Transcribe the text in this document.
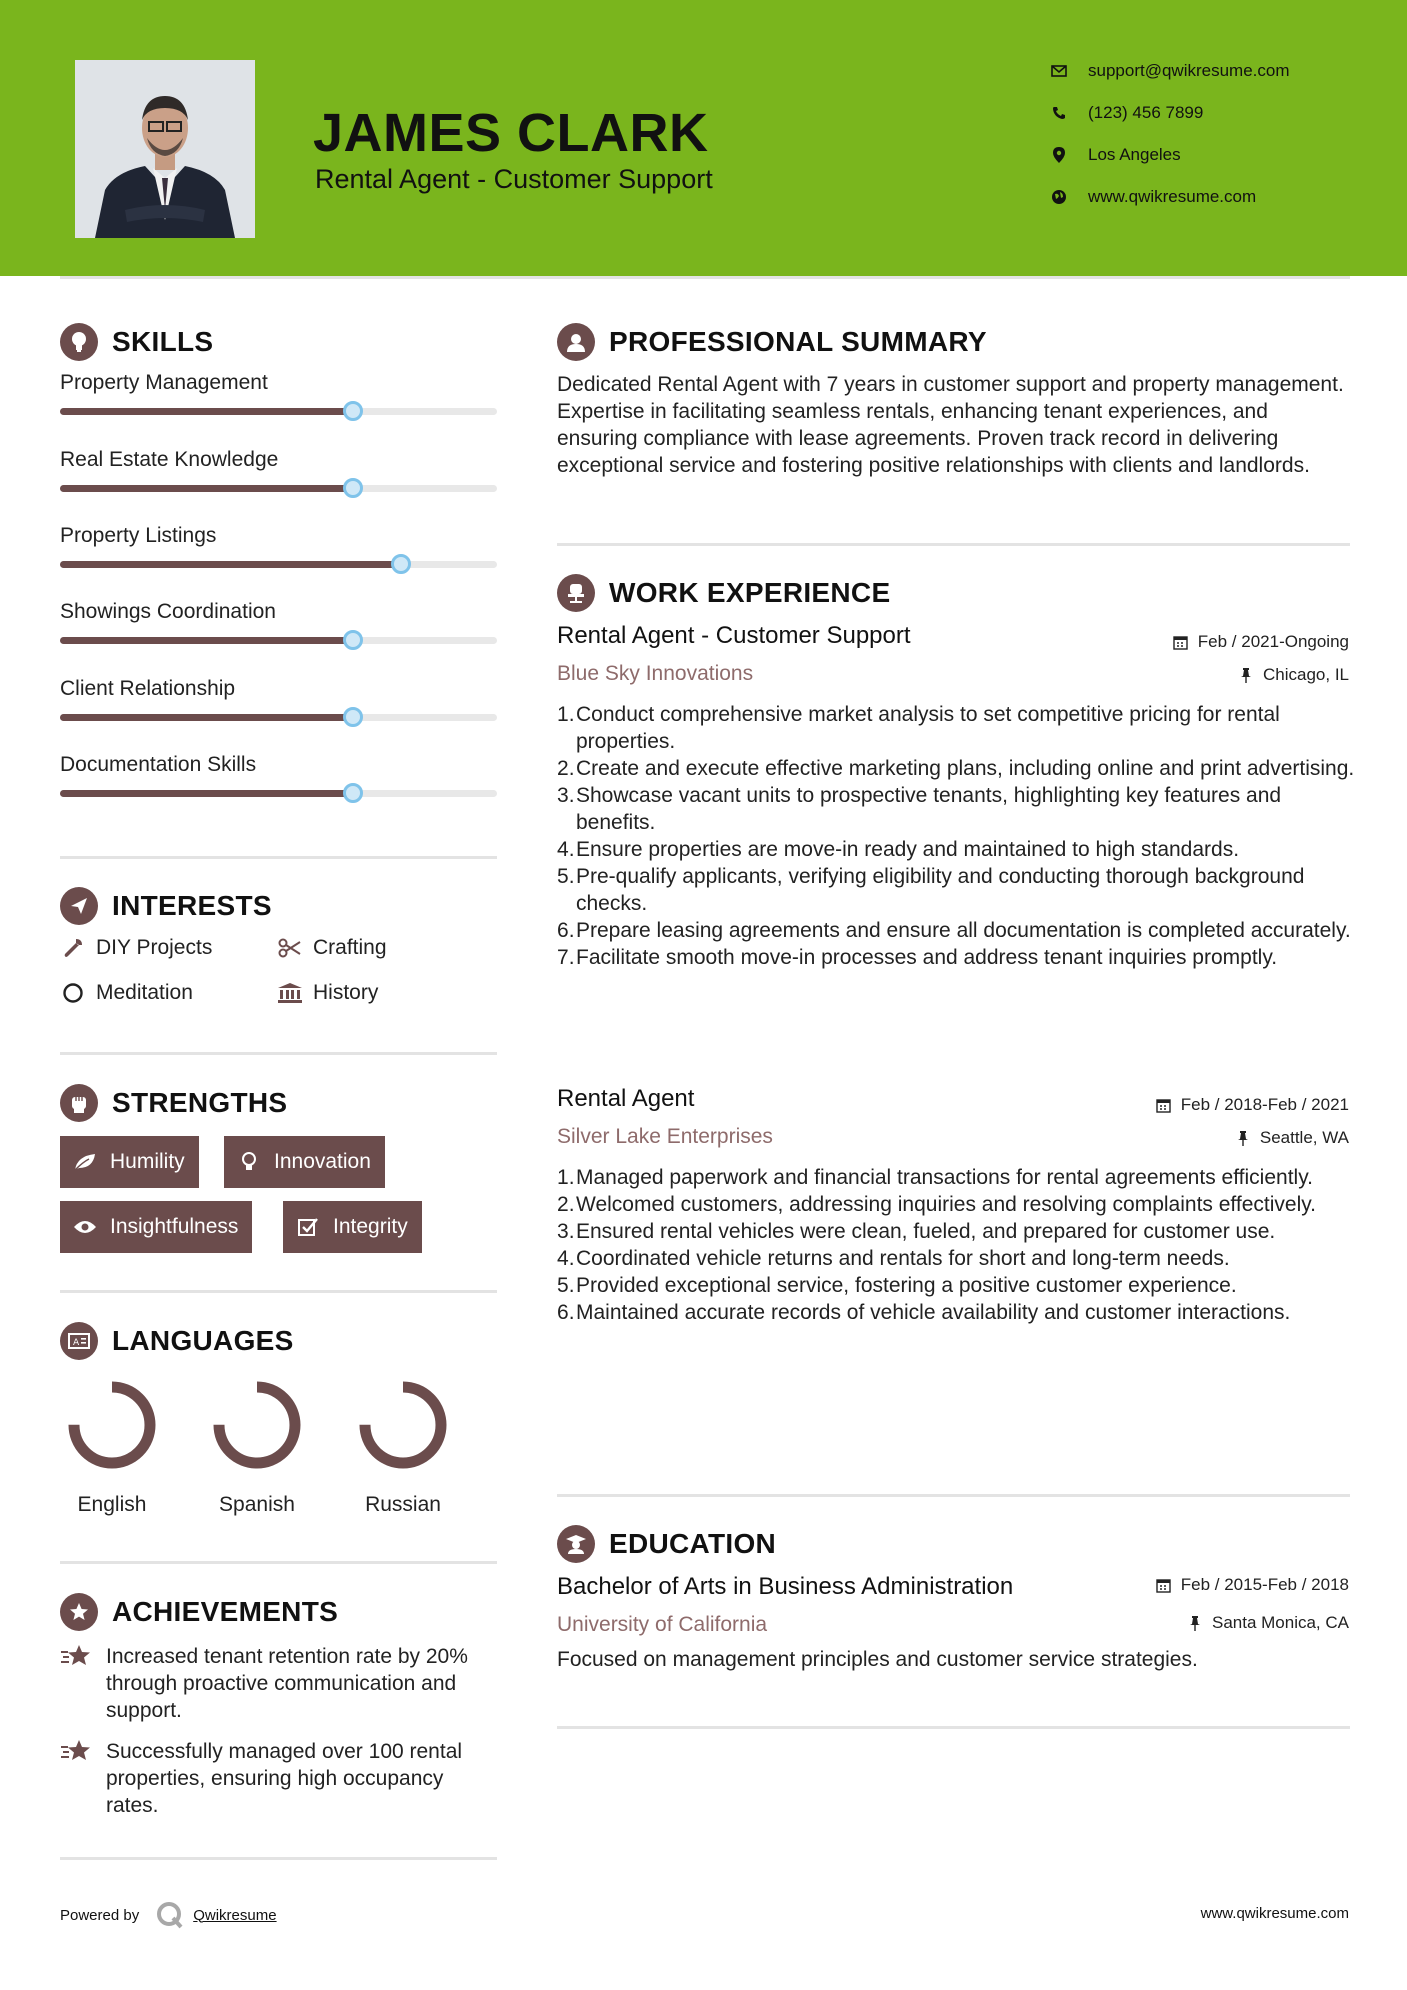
JAMES CLARK
Rental Agent - Customer Support
support@qwikresume.com
(123) 456 7899
Los Angeles
www.qwikresume.com
SKILLS
Property Management
Real Estate Knowledge
Property Listings
Showings Coordination
Client Relationship
Documentation Skills
INTERESTS
DIY Projects	Crafting
Meditation	History
STRENGTHS
Humility	Innovation
Insightfulness	Integrity
A LANGUAGES
English	Spanish	Russian
ACHIEVEMENTS
Increased tenant retention rate by 20% through proactive communication and support.
Successfully managed over 100 rental properties, ensuring high occupancy rates.
PROFESSIONAL SUMMARY
Dedicated Rental Agent with 7 years in customer support and property management. Expertise in facilitating seamless rentals, enhancing tenant experiences, and ensuring compliance with lease agreements. Proven track record in delivering exceptional service and fostering positive relationships with clients and landlords.
WORK EXPERIENCE
Rental Agent - Customer Support	Feb / 2021-Ongoing
Blue Sky Innovations	Chicago, IL
Conduct comprehensive market analysis to set competitive pricing for rental properties.
Create and execute effective marketing plans, including online and print advertising.
Showcase vacant units to prospective tenants, highlighting key features and benefits.
Ensure properties are move-in ready and maintained to high standards.
Pre-qualify applicants, verifying eligibility and conducting thorough background checks.
Prepare leasing agreements and ensure all documentation is completed accurately.
Facilitate smooth move-in processes and address tenant inquiries promptly.
Rental Agent	Feb / 2018-Feb / 2021
Silver Lake Enterprises	Seattle, WA
Managed paperwork and financial transactions for rental agreements efficiently.
Welcomed customers, addressing inquiries and resolving complaints effectively.
Ensured rental vehicles were clean, fueled, and prepared for customer use.
Coordinated vehicle returns and rentals for short and long-term needs.
Provided exceptional service, fostering a positive customer experience.
Maintained accurate records of vehicle availability and customer interactions.
EDUCATION
Bachelor of Arts in Business Administration	Feb / 2015-Feb / 2018
University of California	Santa Monica, CA
Focused on management principles and customer service strategies.
Powered by	Qwikresume	www.qwikresume.com
